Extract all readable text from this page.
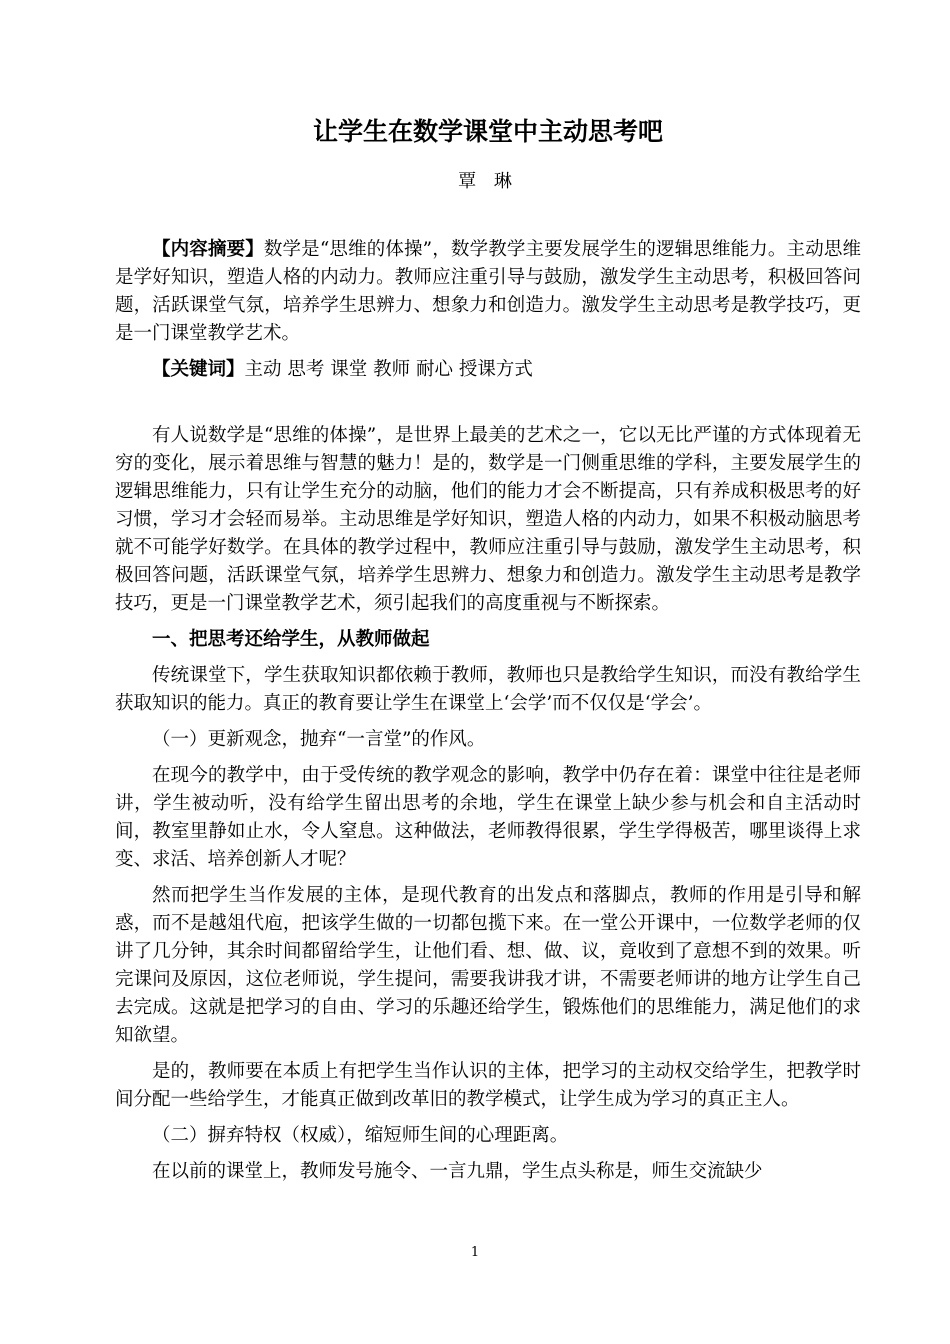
让学生在数学课堂中主动思考吧
覃 琳

【内容摘要】数学是“思维的体操”，数学教学主要发展学生的逻辑思维能力。主动思维是学好知识，塑造人格的内动力。教师应注重引导与鼓励，激发学生主动思考，积极回答问题，活跃课堂气氛，培养学生思辨力、想象力和创造力。激发学生主动思考是教学技巧，更是一门课堂教学艺术。

【关键词】主动 思考 课堂 教师 耐心 授课方式

有人说数学是“思维的体操”，是世界上最美的艺术之一，它以无比严谨的方式体现着无穷的变化，展示着思维与智慧的魅力！是的，数学是一门侧重思维的学科，主要发展学生的逻辑思维能力，只有让学生充分的动脑，他们的能力才会不断提高，只有养成积极思考的好习惯，学习才会轻而易举。主动思维是学好知识，塑造人格的内动力，如果不积极动脑思考就不可能学好数学。在具体的教学过程中，教师应注重引导与鼓励，激发学生主动思考，积极回答问题，活跃课堂气氛，培养学生思辨力、想象力和创造力。激发学生主动思考是教学技巧，更是一门课堂教学艺术，须引起我们的高度重视与不断探索。

一、把思考还给学生，从教师做起

传统课堂下，学生获取知识都依赖于教师，教师也只是教给学生知识，而没有教给学生获取知识的能力。真正的教育要让学生在课堂上‘会学’而不仅仅是‘学会’。

（一）更新观念，抛弃“一言堂”的作风。

在现今的教学中，由于受传统的教学观念的影响，教学中仍存在着：课堂中往往是老师讲，学生被动听，没有给学生留出思考的余地，学生在课堂上缺少参与机会和自主活动时间，教室里静如止水，令人窒息。这种做法，老师教得很累，学生学得极苦，哪里谈得上求变、求活、培养创新人才呢？

然而把学生当作发展的主体，是现代教育的出发点和落脚点，教师的作用是引导和解惑，而不是越俎代庖，把该学生做的一切都包揽下来。在一堂公开课中，一位数学老师的仅讲了几分钟，其余时间都留给学生，让他们看、想、做、议，竟收到了意想不到的效果。听完课问及原因，这位老师说，学生提问，需要我讲我才讲，不需要老师讲的地方让学生自己去完成。这就是把学习的自由、学习的乐趣还给学生，锻炼他们的思维能力，满足他们的求知欲望。

是的，教师要在本质上有把学生当作认识的主体，把学习的主动权交给学生，把教学时间分配一些给学生，才能真正做到改革旧的教学模式，让学生成为学习的真正主人。

（二）摒弃特权（权威），缩短师生间的心理距离。

在以前的课堂上，教师发号施令、一言九鼎，学生点头称是，师生交流缺少

1
